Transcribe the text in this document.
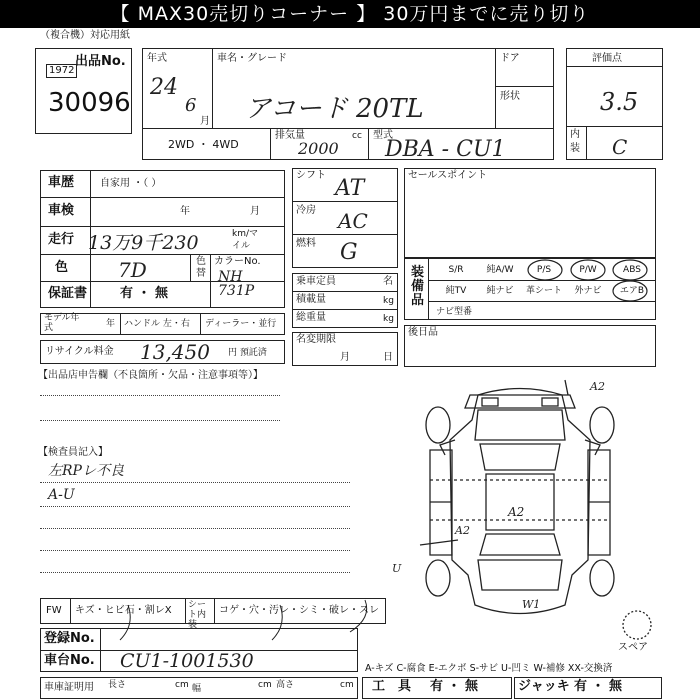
【 MAX30売切りコーナー 】 30万円までに売り切り
（複合機）対応用紙
出品No.
1972
30096
年式
24
6
月
車名・グレード
アコード 20TL
ドア
形状
2WD ・ 4WD
排気量	cc
2000
型式
DBA - CU1
評価点
3.5
内装 C
車歴	自家用 ・（ ）
車検	年	月
走行 13万9千230	km/マイル
色 7D	色替
カラーNo.
NH 731P
保証書	有 ・ 無
モデル年式	年 ハンドル 左・右 ディーラー・並行
リサイクル料金 13,450 円 預託済
シフト
AT
冷房 AC
燃料 G
乗車定員	名
積載量	kg
総重量	kg
名変期限
月	日
セールスポイント
装備品
S/R	純A/W	P/S	P/W	ABS
純TV	純ナビ	革シート	外ナビ	エアB
ナビ型番
後日品
【出品店申告欄（不良箇所・欠品・注意事項等）】
【検査員記入】
左RPレ不良
A-U
A2
A2
A2
U
W1
スペア
FW キズ・ヒビ石・割レX シート内装
コゲ・穴・汚レ・シミ・破レ・スレ
登録No.
車台No. CU1-1001530	A-キズ C-腐食 E-エクボ S-サビ U-凹ミ W-補修 XX-交換済
車庫証明用 長さ	cm 幅	cm 高さ	cm 工　具 有 ・ 無	ジャッキ 有 ・ 無
